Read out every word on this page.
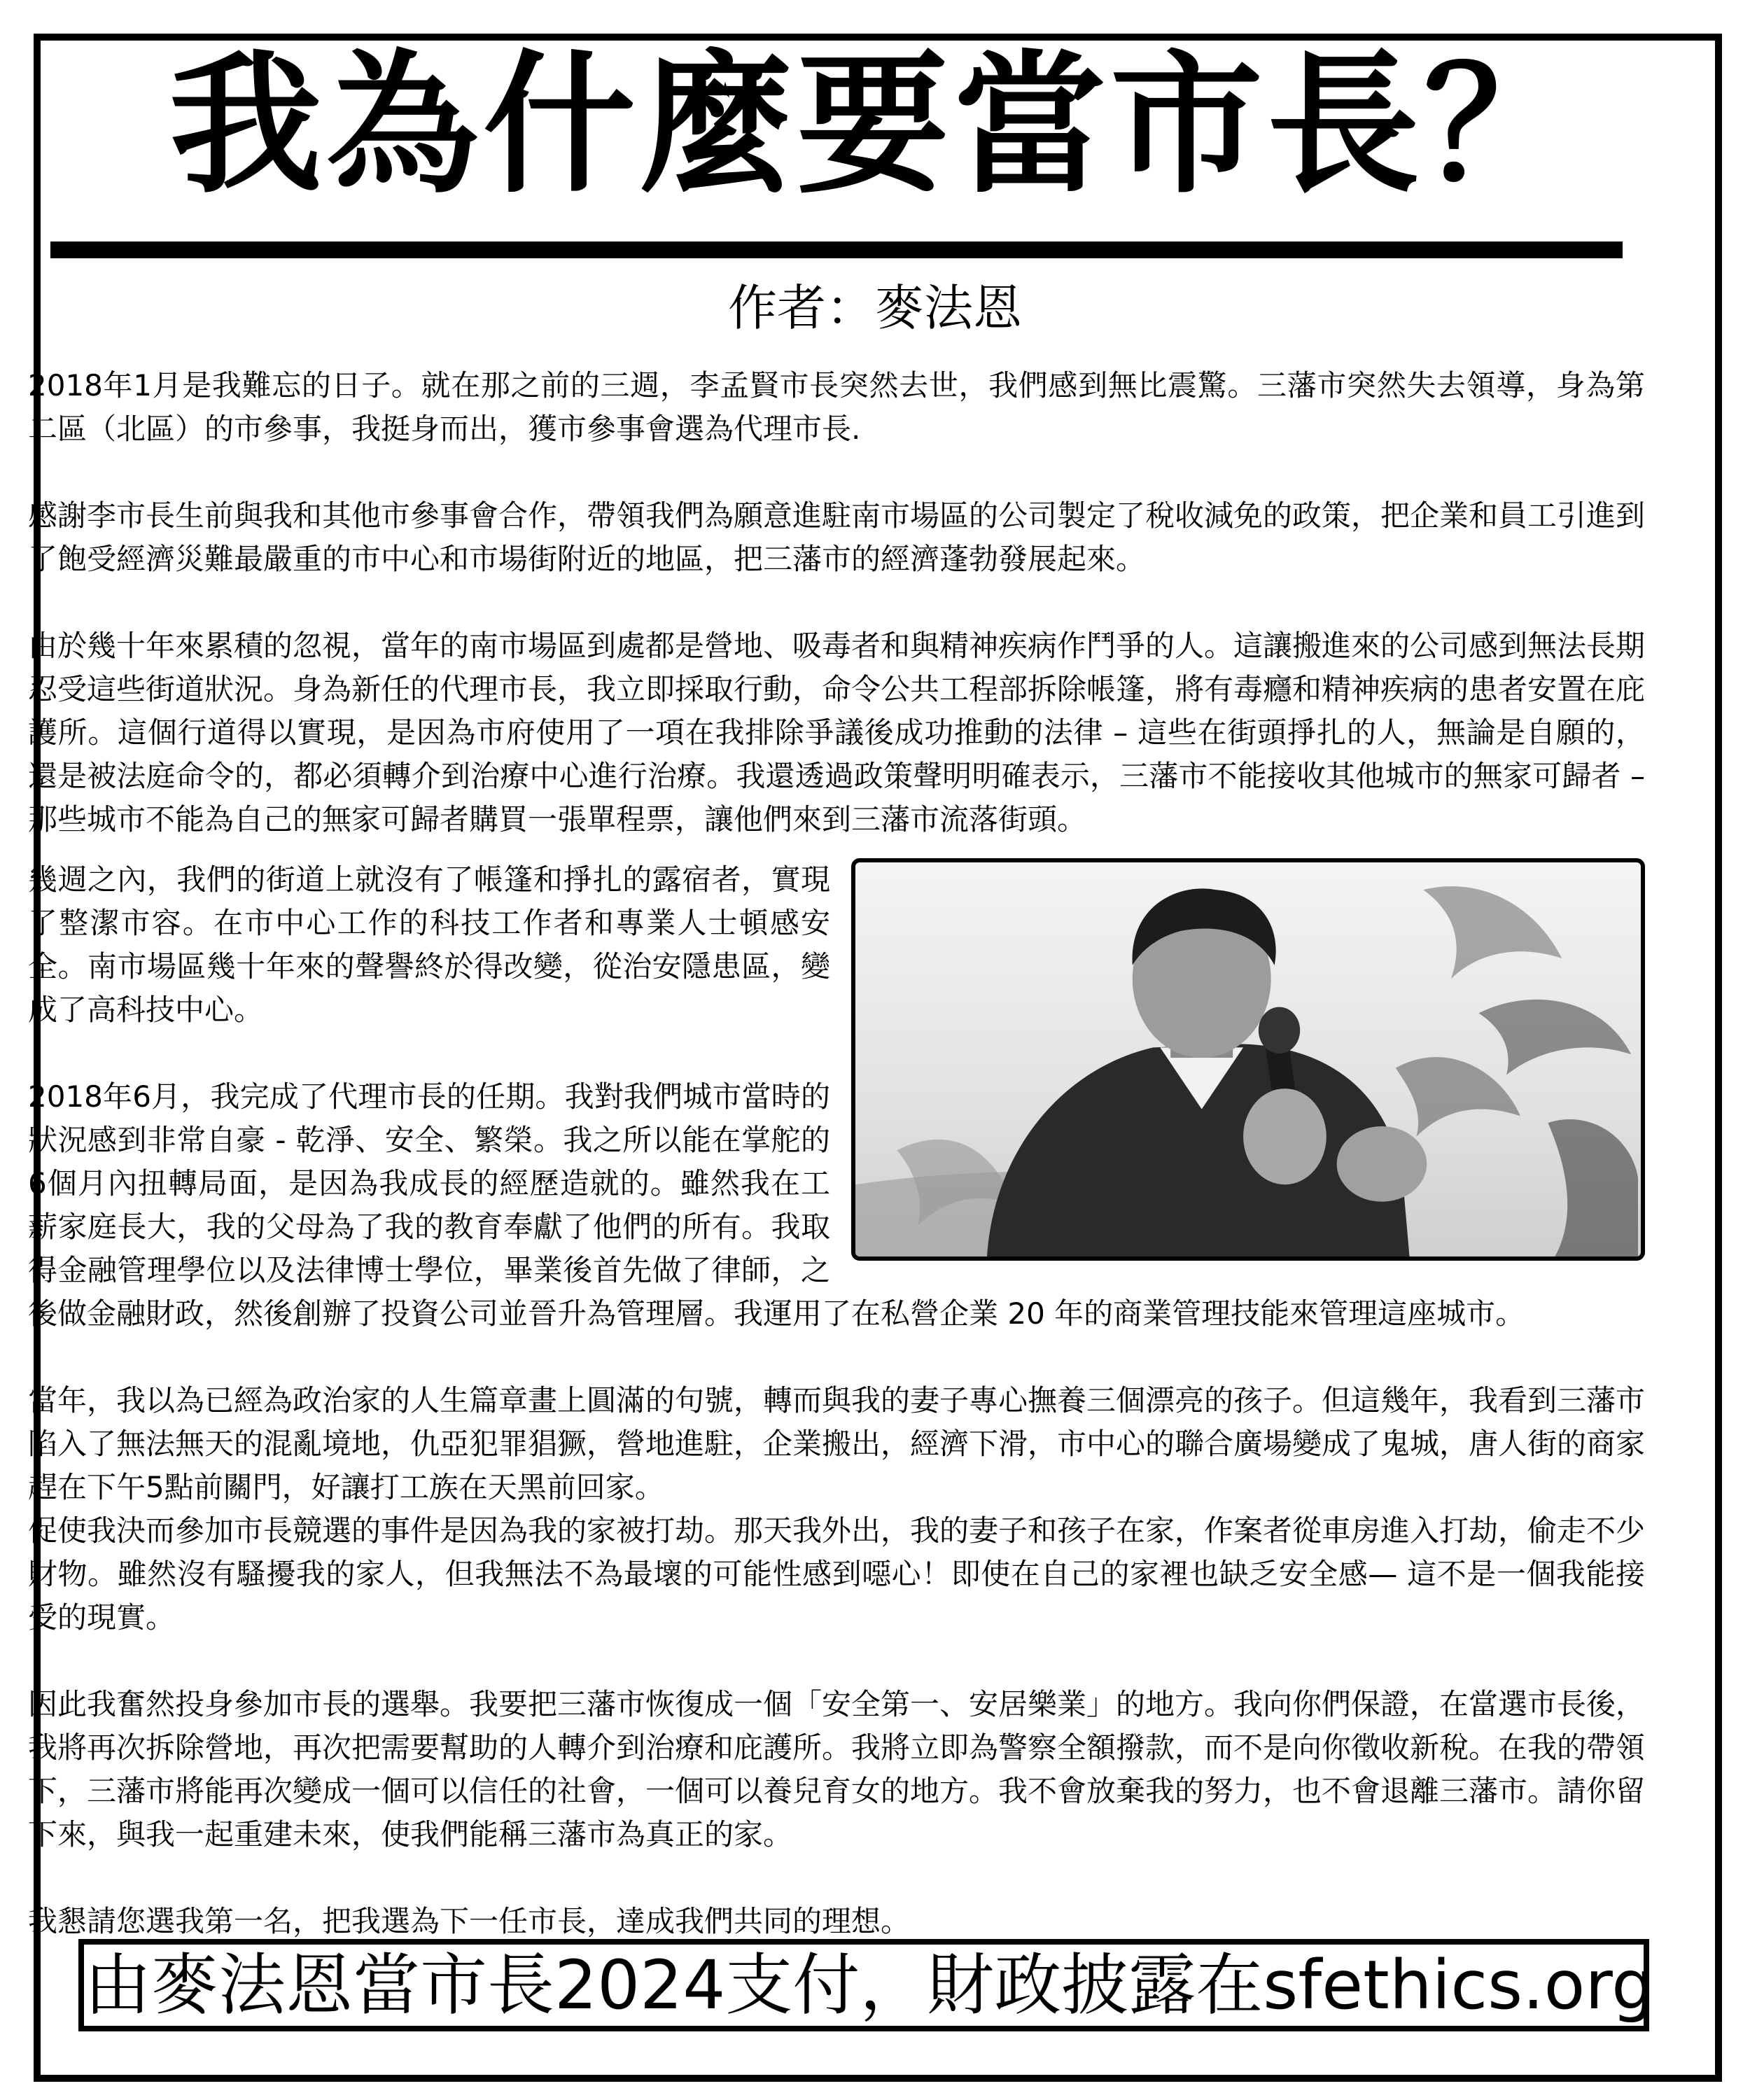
我為什麼要當市長？
作者：麥法恩

2018年1月是我難忘的日子。就在那之前的三週，李孟賢市長突然去世，我們感到無比震驚。三藩市突然失去領導，身為第二區（北區）的市參事，我挺身而出，獲市參事會選為代理市長.

感謝李市長生前與我和其他市參事會合作，帶領我們為願意進駐南市場區的公司製定了稅收減免的政策，把企業和員工引進到了飽受經濟災難最嚴重的市中心和市場街附近的地區，把三藩市的經濟蓬勃發展起來。

由於幾十年來累積的忽視，當年的南市場區到處都是營地、吸毒者和與精神疾病作鬥爭的人。這讓搬進來的公司感到無法長期忍受這些街道狀況。身為新任的代理市長，我立即採取行動，命令公共工程部拆除帳篷，將有毒癮和精神疾病的患者安置在庇護所。這個行道得以實現，是因為市府使用了一項在我排除爭議後成功推動的法律 – 這些在街頭掙扎的人，無論是自願的，還是被法庭命令的，都必須轉介到治療中心進行治療。我還透過政策聲明明確表示，三藩市不能接收其他城市的無家可歸者 – 那些城市不能為自己的無家可歸者購買一張單程票，讓他們來到三藩市流落街頭。

幾週之內，我們的街道上就沒有了帳篷和掙扎的露宿者，實現了整潔市容。在市中心工作的科技工作者和專業人士頓感安全。南市場區幾十年來的聲譽終於得改變，從治安隱患區，變成了高科技中心。

2018年6月，我完成了代理市長的任期。我對我們城市當時的狀況感到非常自豪 - 乾淨、安全、繁榮。我之所以能在掌舵的6個月內扭轉局面，是因為我成長的經歷造就的。雖然我在工薪家庭長大，我的父母為了我的教育奉獻了他們的所有。我取得金融管理學位以及法律博士學位，畢業後首先做了律師，之後做金融財政，然後創辦了投資公司並晉升為管理層。我運用了在私營企業 20 年的商業管理技能來管理這座城市。

當年，我以為已經為政治家的人生篇章畫上圓滿的句號，轉而與我的妻子專心撫養三個漂亮的孩子。但這幾年，我看到三藩市陷入了無法無天的混亂境地，仇亞犯罪猖獗，營地進駐，企業搬出，經濟下滑，市中心的聯合廣場變成了鬼城，唐人街的商家趕在下午5點前關門，好讓打工族在天黑前回家。

促使我決而參加市長競選的事件是因為我的家被打劫。那天我外出，我的妻子和孩子在家，作案者從車房進入打劫，偷走不少財物。雖然沒有騷擾我的家人，但我無法不為最壞的可能性感到噁心！即使在自己的家裡也缺乏安全感— 這不是一個我能接受的現實。

因此我奮然投身參加市長的選舉。我要把三藩市恢復成一個「安全第一、安居樂業」的地方。我向你們保證，在當選市長後，我將再次拆除營地，再次把需要幫助的人轉介到治療和庇護所。我將立即為警察全額撥款，而不是向你徵收新稅。在我的帶領下，三藩市將能再次變成一個可以信任的社會，一個可以養兒育女的地方。我不會放棄我的努力，也不會退離三藩市。請你留下來，與我一起重建未來，使我們能稱三藩市為真正的家。

我懇請您選我第一名，把我選為下一任市長，達成我們共同的理想。

由麥法恩當市長2024支付，財政披露在sfethics.org
